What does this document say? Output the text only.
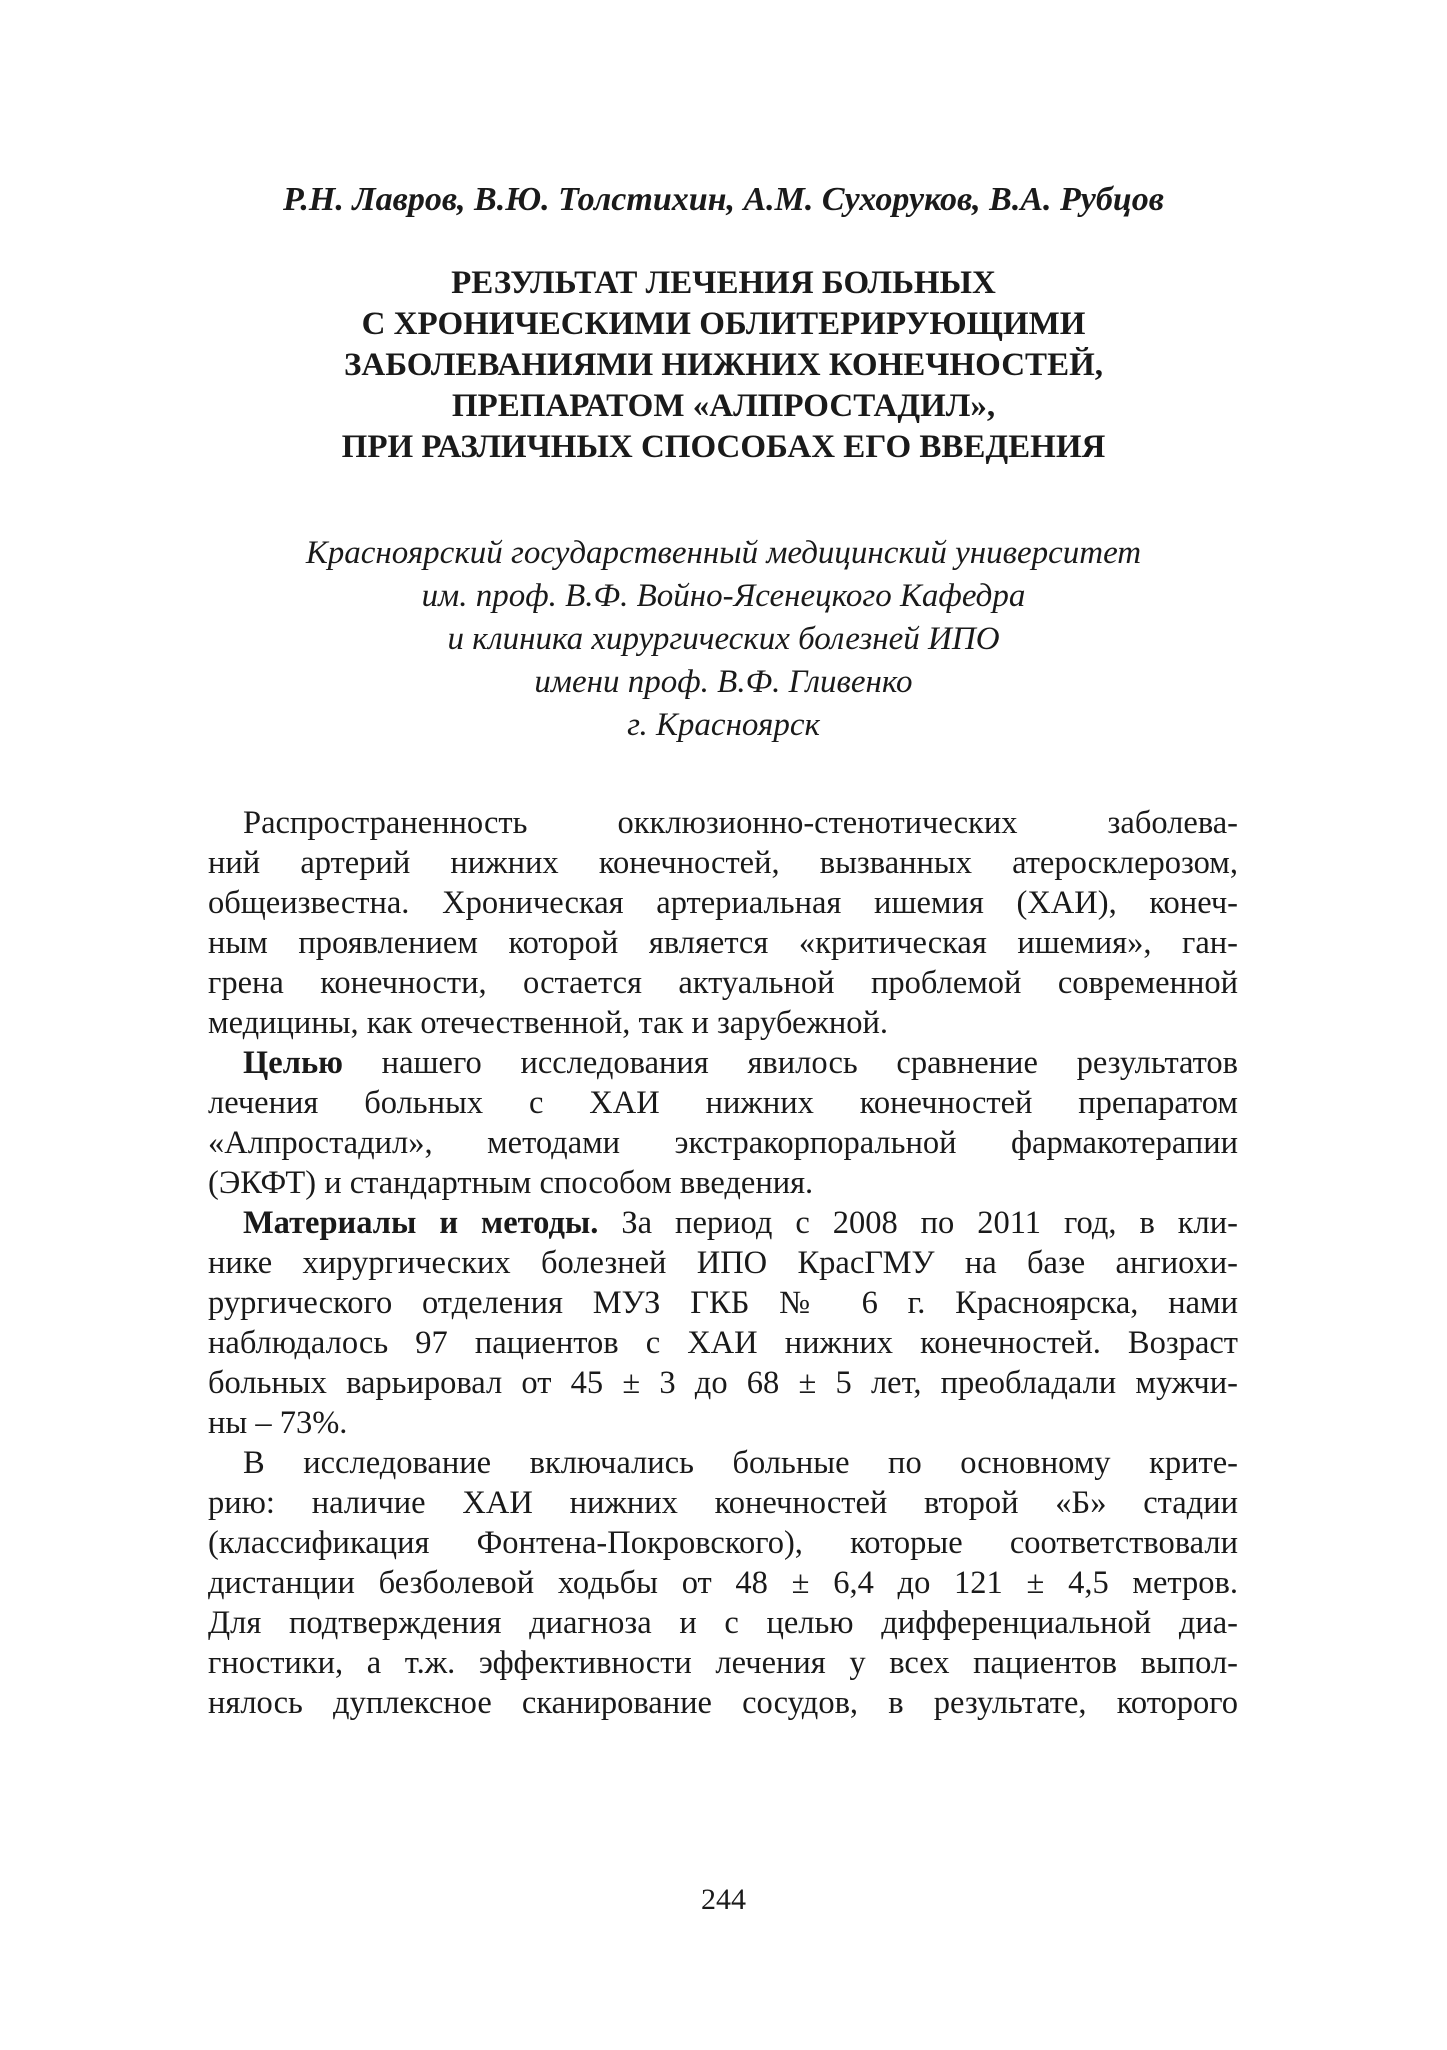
Р.Н. Лавров, В.Ю. Толстихин, А.М. Сухоруков, В.А. Рубцов
РЕЗУЛЬТАТ ЛЕЧЕНИЯ БОЛЬНЫХ
С ХРОНИЧЕСКИМИ ОБЛИТЕРИРУЮЩИМИ
ЗАБОЛЕВАНИЯМИ НИЖНИХ КОНЕЧНОСТЕЙ,
ПРЕПАРАТОМ «АЛПРОСТАДИЛ»,
ПРИ РАЗЛИЧНЫХ СПОСОБАХ ЕГО ВВЕДЕНИЯ
Красноярский государственный медицинский университет
им. проф. В.Ф. Войно-Ясенецкого Кафедра
и клиника хирургических болезней ИПО
имени проф. В.Ф. Гливенко
г. Красноярск

Распространенность окклюзионно-стенотических заболева-
ний артерий нижних конечностей, вызванных атеросклерозом,
общеизвестна. Хроническая артериальная ишемия (ХАИ), конеч-
ным проявлением которой является «критическая ишемия», ган-
грена конечности, остается актуальной проблемой современной
медицины, как отечественной, так и зарубежной.

Целью нашего исследования явилось сравнение результатов
лечения больных с ХАИ нижних конечностей препаратом
«Алпростадил», методами экстракорпоральной фармакотерапии
(ЭКФТ) и стандартным способом введения.

Материалы и методы. За период с 2008 по 2011 год, в кли-
нике хирургических болезней ИПО КрасГМУ на базе ангиохи-
рургического отделения МУЗ ГКБ № 6 г. Красноярска, нами
наблюдалось 97 пациентов с ХАИ нижних конечностей. Возраст
больных варьировал от 45 ± 3 до 68 ± 5 лет, преобладали мужчи-
ны – 73%.

В исследование включались больные по основному крите-
рию: наличие ХАИ нижних конечностей второй «Б» стадии
(классификация Фонтена-Покровского), которые соответствовали
дистанции безболевой ходьбы от 48 ± 6,4 до 121 ± 4,5 метров.
Для подтверждения диагноза и с целью дифференциальной диа-
гностики, а т.ж. эффективности лечения у всех пациентов выпол-
нялось дуплексное сканирование сосудов, в результате, которого

244
